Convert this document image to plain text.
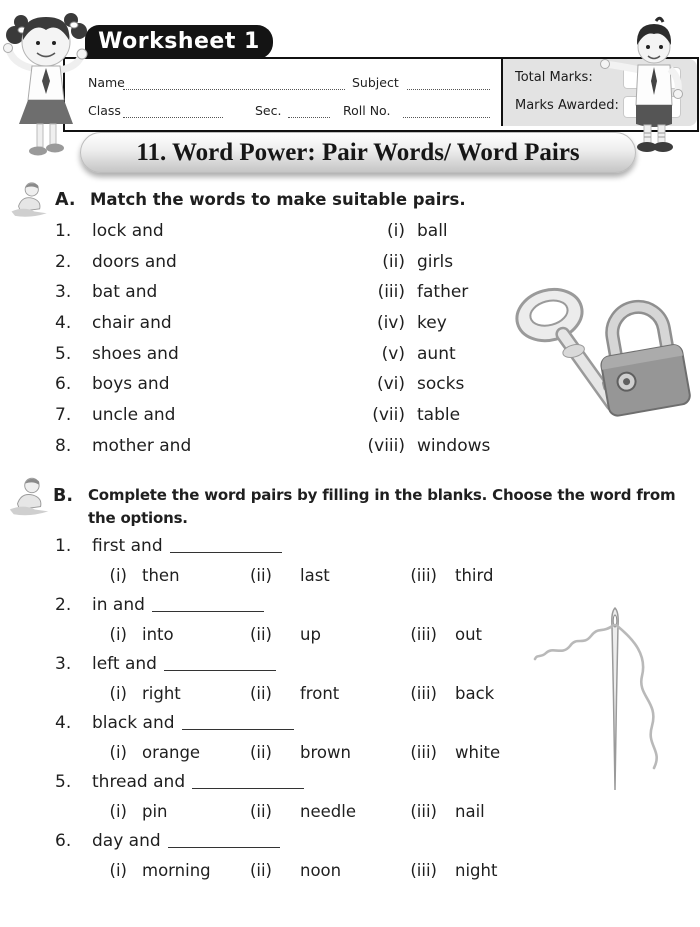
Worksheet 1
Name	Subject
Class	Sec.	Roll No.
Total Marks:
Marks Awarded:
11. Word Power: Pair Words/ Word Pairs
A. Match the words to make suitable pairs.
1. lock and	(i) ball
2. doors and	(ii) girls
3. bat and	(iii) father
4. chair and	(iv) key
5. shoes and	(v) aunt
6. boys and	(vi) socks
7. uncle and	(vii) table
8. mother and	(viii) windows
B. Complete the word pairs by filling in the blanks. Choose the word from the options.
1. first and
(i) then	(ii) last	(iii) third
2. in and
(i) into	(ii) up	(iii) out
3. left and
(i) right	(ii) front	(iii) back
4. black and
(i) orange	(ii) brown	(iii) white
5. thread and
(i) pin	(ii) needle	(iii) nail
6. day and
(i) morning	(ii) noon	(iii) night
